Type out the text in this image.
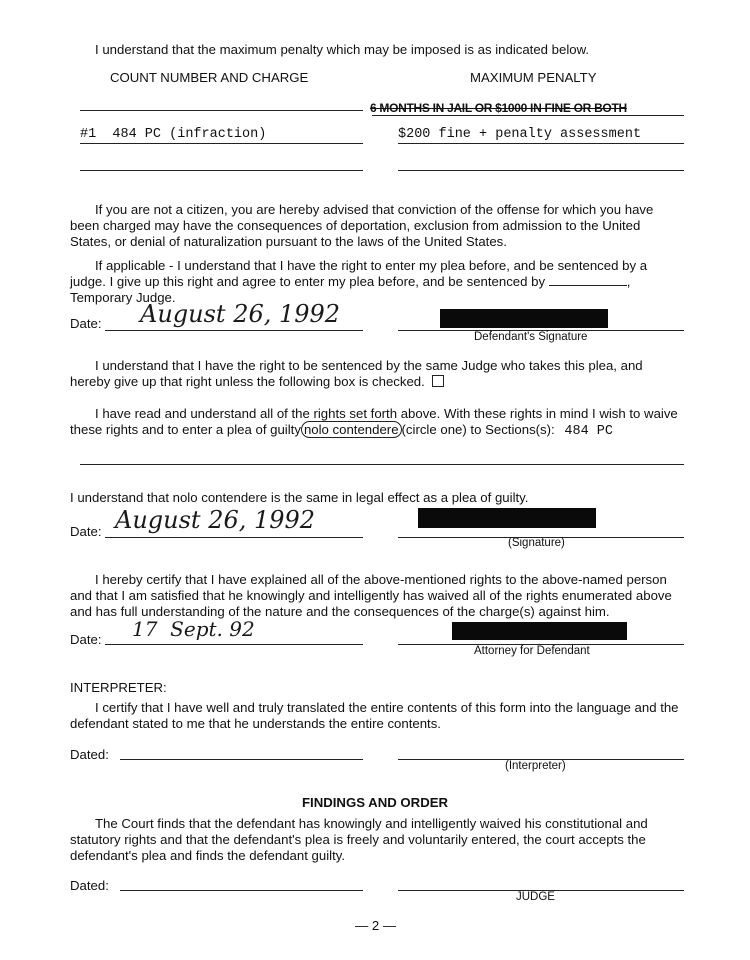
I understand that the maximum penalty which may be imposed is as indicated below.
COUNT NUMBER AND CHARGE	MAXIMUM PENALTY
6 MONTHS IN JAIL OR $1000 IN FINE OR BOTH
#1  484 PC (infraction)	$200 fine + penalty assessment
If you are not a citizen, you are hereby advised that conviction of the offense for which you have been charged may have the consequences of deportation, exclusion from admission to the United States, or denial of naturalization pursuant to the laws of the United States.
If applicable - I understand that I have the right to enter my plea before, and be sentenced by a judge. I give up this right and agree to enter my plea before, and be sentenced by	,
Temporary Judge.
Date: August 26, 1992
Defendant's Signature
I understand that I have the right to be sentenced by the same Judge who takes this plea, and hereby give up that right unless the following box is checked.

I have read and understand all of the rights set forth above. With these rights in mind I wish to waive

these rights and to enter a plea of guilty nolo contendere (circle one) to Sections(s): 484 PC

I understand that nolo contendere is the same in legal effect as a plea of guilty.
Date: August 26, 1992
(Signature)
I hereby certify that I have explained all of the above-mentioned rights to the above-named person and that I am satisfied that he knowingly and intelligently has waived all of the rights enumerated above and has full understanding of the nature and the consequences of the charge(s) against him.
Date: 17  Sept. 92
Attorney for Defendant
INTERPRETER:
I certify that I have well and truly translated the entire contents of this form into the language and the defendant stated to me that he understands the entire contents.
Dated:
(Interpreter)
FINDINGS AND ORDER
The Court finds that the defendant has knowingly and intelligently waived his constitutional and statutory rights and that the defendant's plea is freely and voluntarily entered, the court accepts the defendant's plea and finds the defendant guilty.
Dated:
JUDGE
— 2 —
